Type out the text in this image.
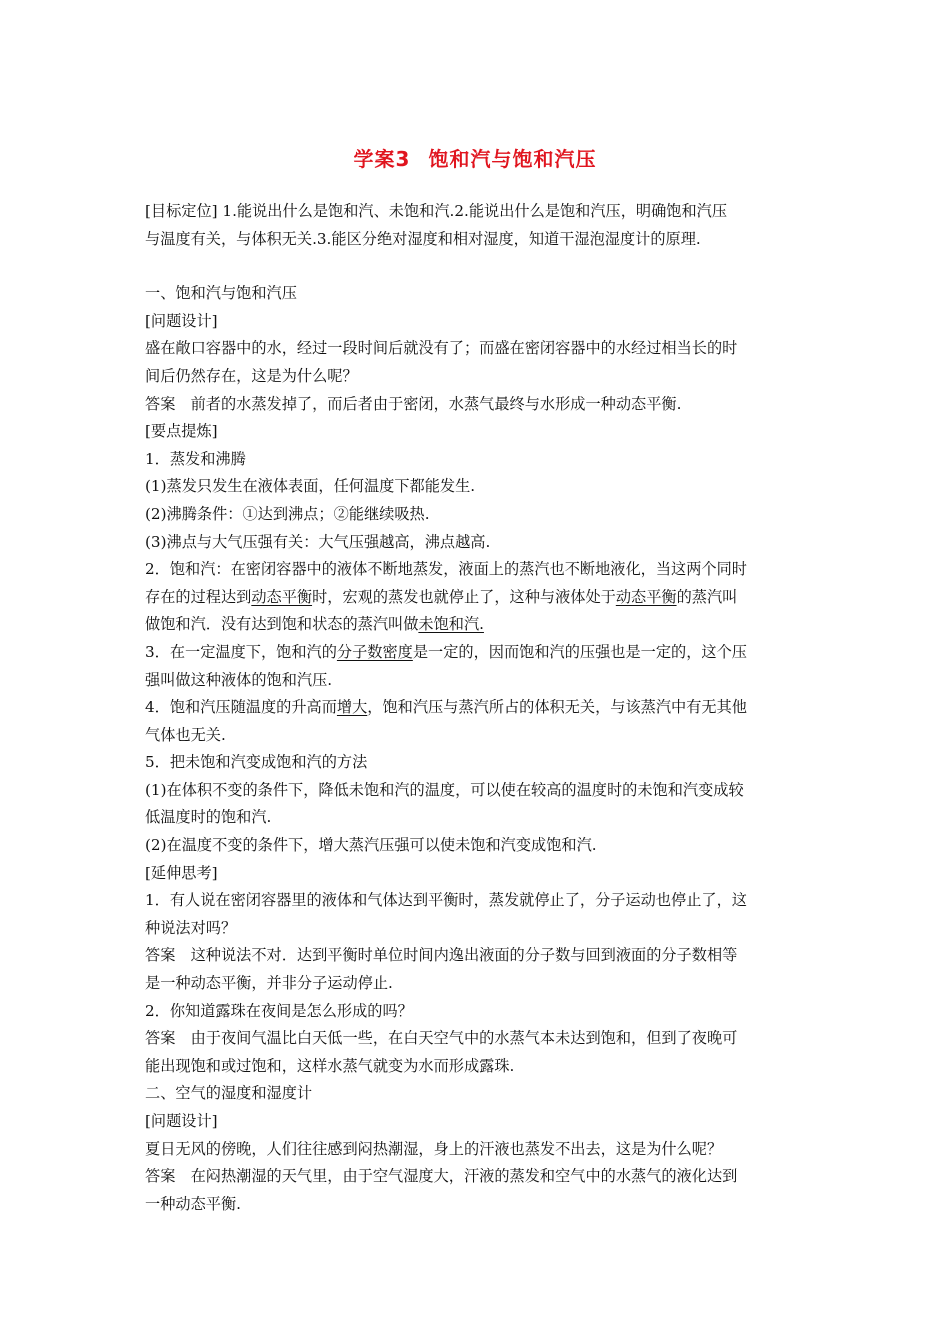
学案3 饱和汽与饱和汽压
[目标定位] 1.能说出什么是饱和汽、未饱和汽.2.能说出什么是饱和汽压，明确饱和汽压
与温度有关，与体积无关.3.能区分绝对湿度和相对湿度，知道干湿泡湿度计的原理.
一、饱和汽与饱和汽压
[问题设计]
盛在敞口容器中的水，经过一段时间后就没有了；而盛在密闭容器中的水经过相当长的时
间后仍然存在，这是为什么呢？
答案　前者的水蒸发掉了，而后者由于密闭，水蒸气最终与水形成一种动态平衡.
[要点提炼]
1．蒸发和沸腾
(1)蒸发只发生在液体表面，任何温度下都能发生.
(2)沸腾条件：①达到沸点；②能继续吸热.
(3)沸点与大气压强有关：大气压强越高，沸点越高.
2．饱和汽：在密闭容器中的液体不断地蒸发，液面上的蒸汽也不断地液化，当这两个同时
存在的过程达到动态平衡时，宏观的蒸发也就停止了，这种与液体处于动态平衡的蒸汽叫
做饱和汽．没有达到饱和状态的蒸汽叫做未饱和汽.
3．在一定温度下，饱和汽的分子数密度是一定的，因而饱和汽的压强也是一定的，这个压
强叫做这种液体的饱和汽压.
4．饱和汽压随温度的升高而增大，饱和汽压与蒸汽所占的体积无关，与该蒸汽中有无其他
气体也无关.
5．把未饱和汽变成饱和汽的方法
(1)在体积不变的条件下，降低未饱和汽的温度，可以使在较高的温度时的未饱和汽变成较
低温度时的饱和汽.
(2)在温度不变的条件下，增大蒸汽压强可以使未饱和汽变成饱和汽.
[延伸思考]
1．有人说在密闭容器里的液体和气体达到平衡时，蒸发就停止了，分子运动也停止了，这
种说法对吗？
答案　这种说法不对．达到平衡时单位时间内逸出液面的分子数与回到液面的分子数相等
是一种动态平衡，并非分子运动停止.
2．你知道露珠在夜间是怎么形成的吗？
答案　由于夜间气温比白天低一些，在白天空气中的水蒸气本未达到饱和，但到了夜晚可
能出现饱和或过饱和，这样水蒸气就变为水而形成露珠.
二、空气的湿度和湿度计
[问题设计]
夏日无风的傍晚，人们往往感到闷热潮湿，身上的汗液也蒸发不出去，这是为什么呢？
答案　在闷热潮湿的天气里，由于空气湿度大，汗液的蒸发和空气中的水蒸气的液化达到
一种动态平衡.
